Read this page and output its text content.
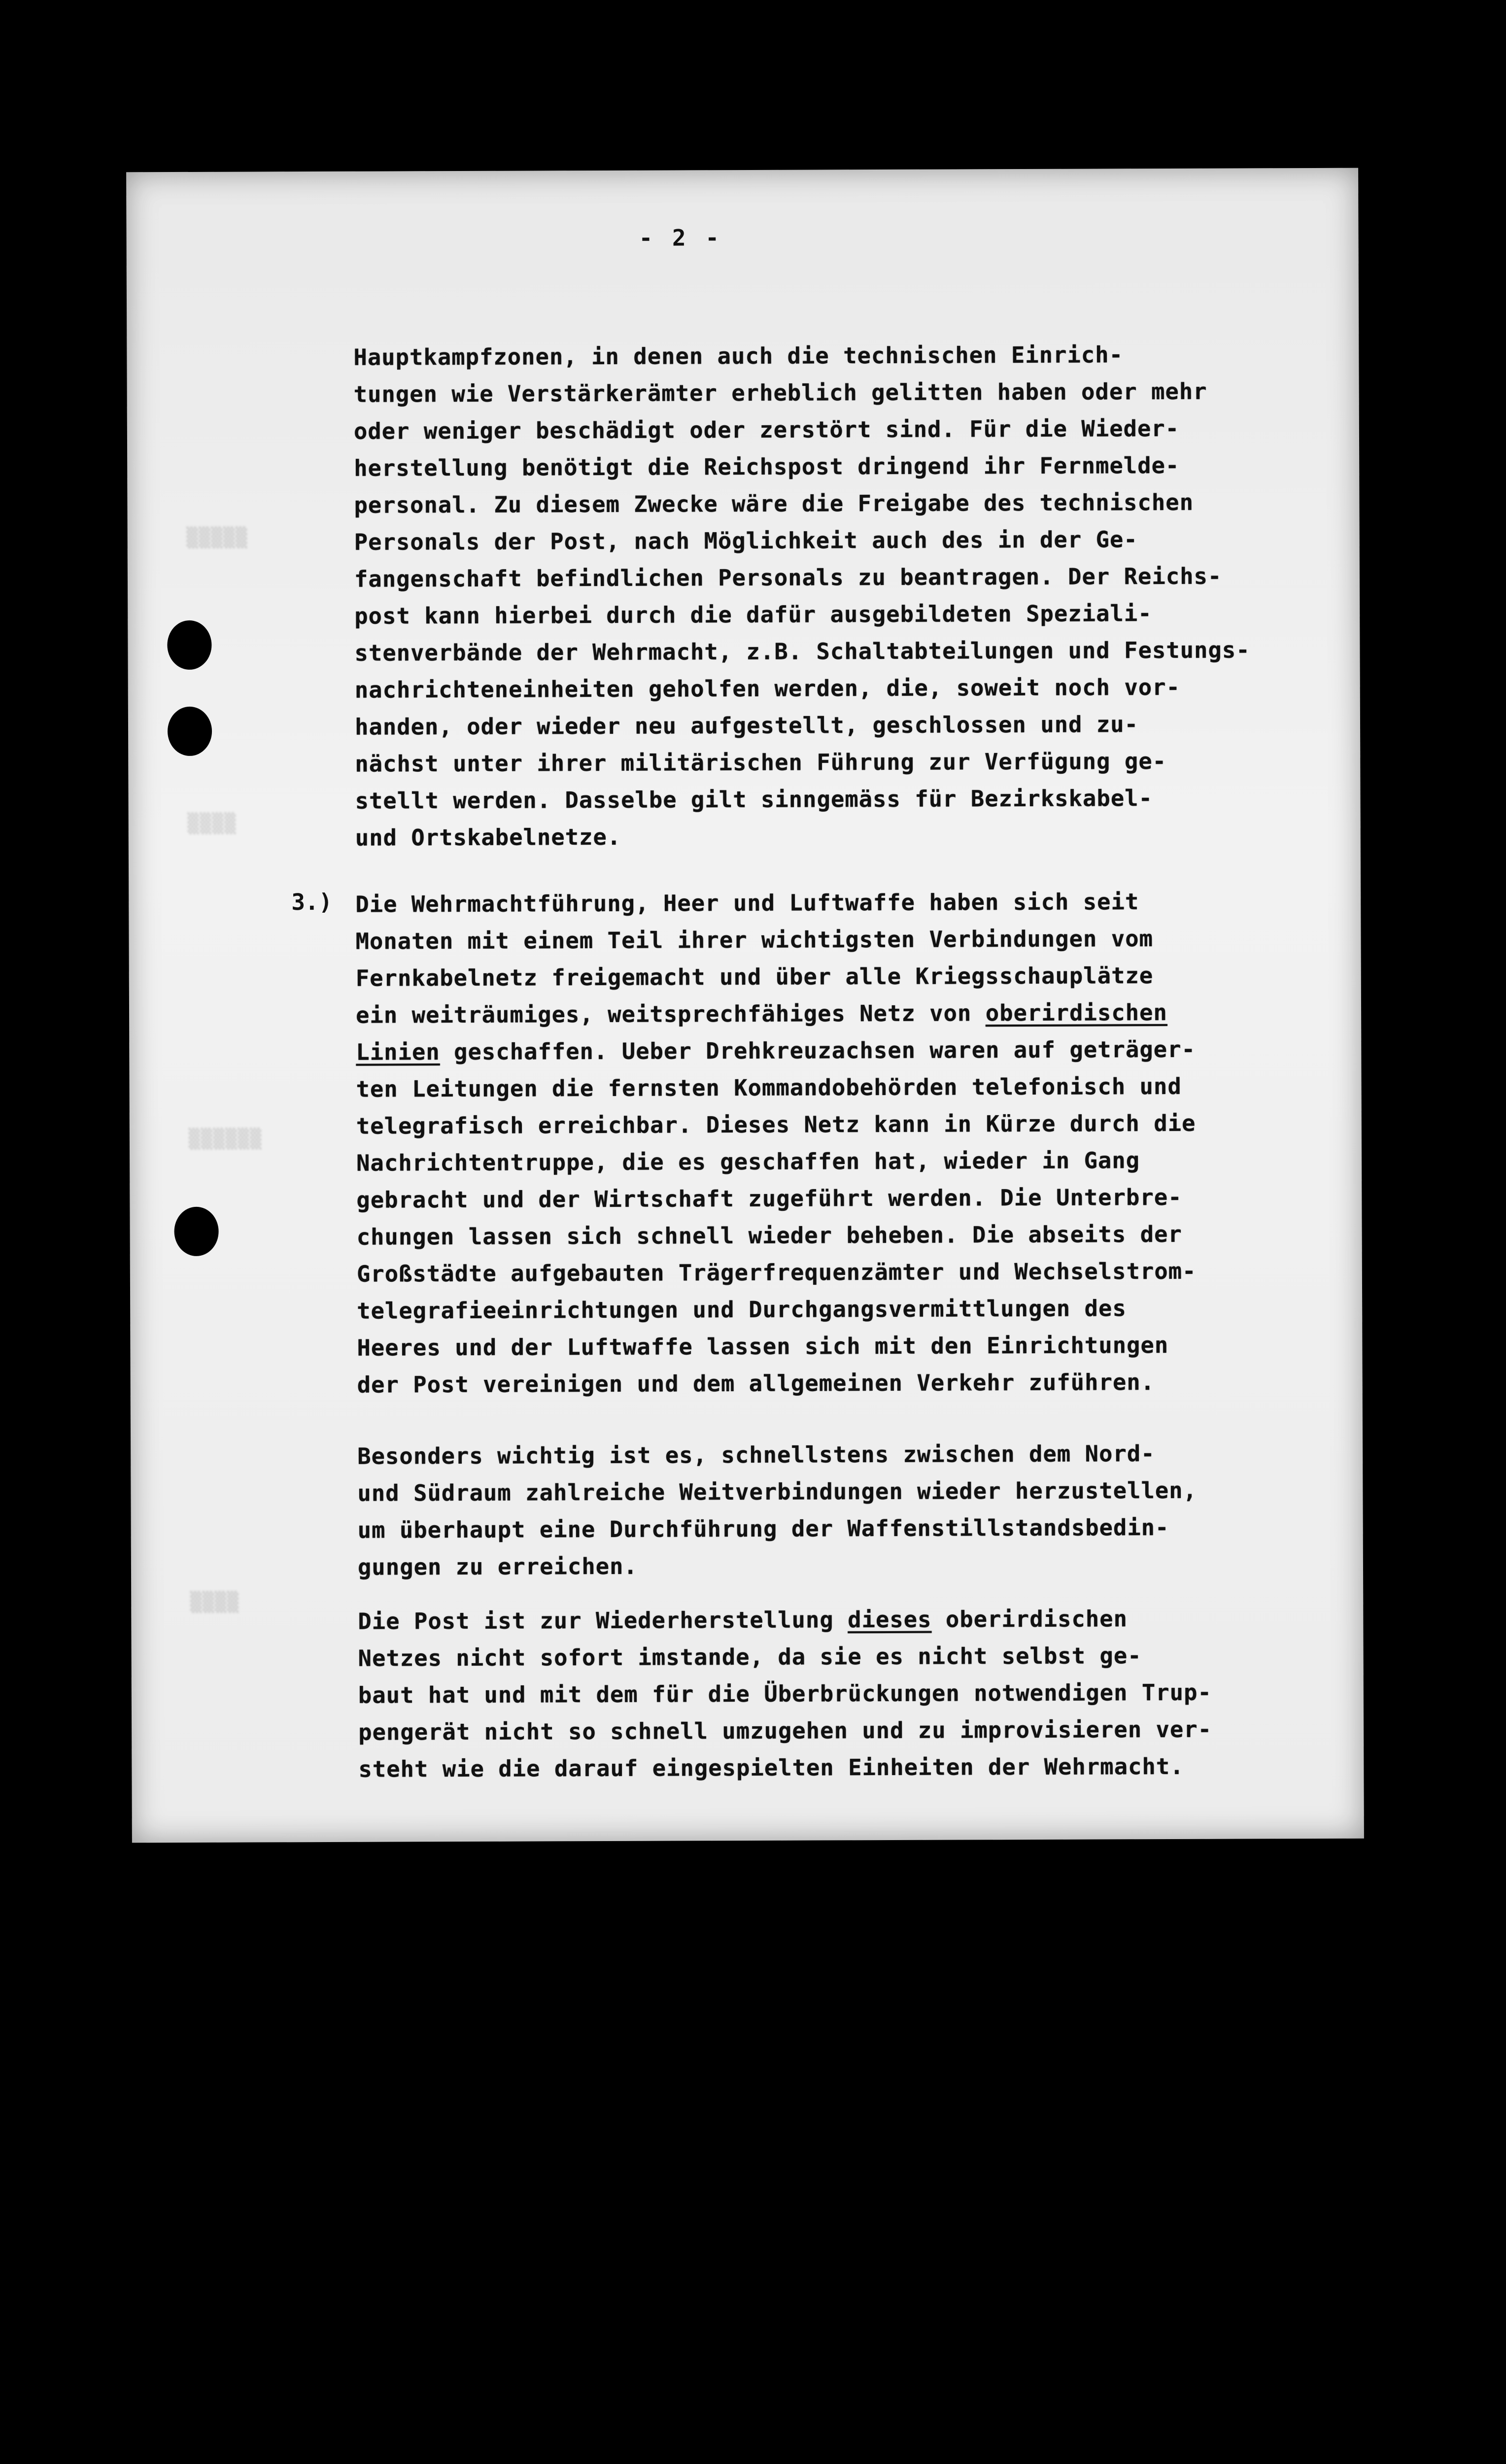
▒▒▒▒▒
▒▒▒▒
▒▒▒▒▒▒
▒▒▒▒
- 2 -
Hauptkampfzonen, in denen auch die technischen Einrich-
tungen wie Verstärkerämter erheblich gelitten haben oder mehr
oder weniger beschädigt oder zerstört sind. Für die Wieder-
herstellung benötigt die Reichspost dringend ihr Fernmelde-
personal. Zu diesem Zwecke wäre die Freigabe des technischen
Personals der Post, nach Möglichkeit auch des in der Ge-
fangenschaft befindlichen Personals zu beantragen. Der Reichs-
post kann hierbei durch die dafür ausgebildeten Speziali-
stenverbände der Wehrmacht, z.B. Schaltabteilungen und Festungs-
nachrichteneinheiten geholfen werden, die, soweit noch vor-
handen, oder wieder neu aufgestellt, geschlossen und zu-
nächst unter ihrer militärischen Führung zur Verfügung ge-
stellt werden. Dasselbe gilt sinngemäss für Bezirkskabel-
und Ortskabelnetze.
3.) Die Wehrmachtführung, Heer und Luftwaffe haben sich seit
Monaten mit einem Teil ihrer wichtigsten Verbindungen vom
Fernkabelnetz freigemacht und über alle Kriegsschauplätze
ein weiträumiges, weitsprechfähiges Netz von oberirdischen
Linien geschaffen. Ueber Drehkreuzachsen waren auf geträger-
ten Leitungen die fernsten Kommandobehörden telefonisch und
telegrafisch erreichbar. Dieses Netz kann in Kürze durch die
Nachrichtentruppe, die es geschaffen hat, wieder in Gang
gebracht und der Wirtschaft zugeführt werden. Die Unterbre-
chungen lassen sich schnell wieder beheben. Die abseits der
Großstädte aufgebauten Trägerfrequenzämter und Wechselstrom-
telegrafieeinrichtungen und Durchgangsvermittlungen des
Heeres und der Luftwaffe lassen sich mit den Einrichtungen
der Post vereinigen und dem allgemeinen Verkehr zuführen.
Besonders wichtig ist es, schnellstens zwischen dem Nord-
und Südraum zahlreiche Weitverbindungen wieder herzustellen,
um überhaupt eine Durchführung der Waffenstillstandsbedin-
gungen zu erreichen.
Die Post ist zur Wiederherstellung dieses oberirdischen
Netzes nicht sofort imstande, da sie es nicht selbst ge-
baut hat und mit dem für die Überbrückungen notwendigen Trup-
pengerät nicht so schnell umzugehen und zu improvisieren ver-
steht wie die darauf eingespielten Einheiten der Wehrmacht.
